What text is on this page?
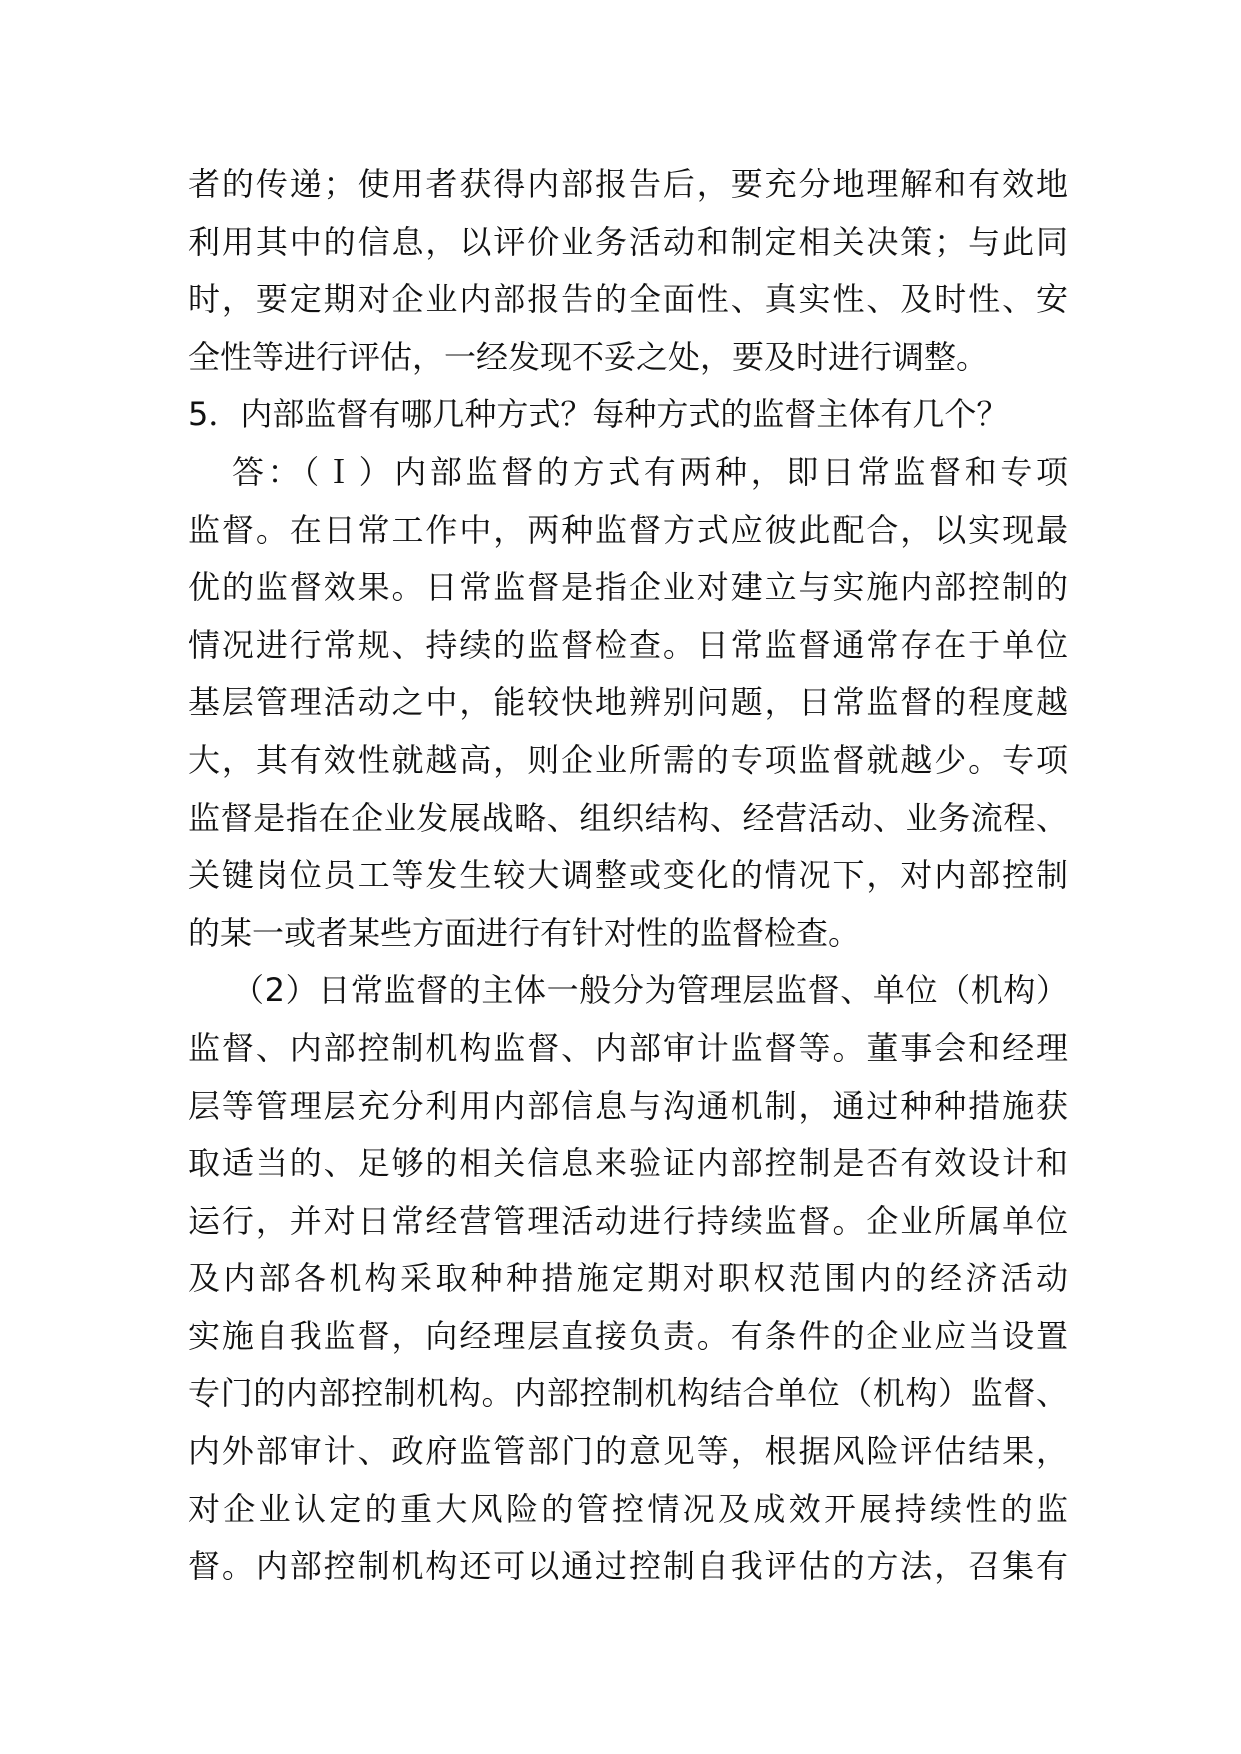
者的传递；使用者获得内部报告后，要充分地理解和有效地
利用其中的信息，以评价业务活动和制定相关决策；与此同
时，要定期对企业内部报告的全面性、真实性、及时性、安
全性等进行评估，一经发现不妥之处，要及时进行调整。
5．内部监督有哪几种方式？每种方式的监督主体有几个？
答：（Ｉ）内部监督的方式有两种，即日常监督和专项
监督。在日常工作中，两种监督方式应彼此配合，以实现最
优的监督效果。日常监督是指企业对建立与实施内部控制的
情况进行常规、持续的监督检查。日常监督通常存在于单位
基层管理活动之中，能较快地辨别问题，日常监督的程度越
大，其有效性就越高，则企业所需的专项监督就越少。专项
监督是指在企业发展战略、组织结构、经营活动、业务流程、
关键岗位员工等发生较大调整或变化的情况下，对内部控制
的某一或者某些方面进行有针对性的监督检查。
（2）日常监督的主体一般分为管理层监督、单位（机构）
监督、内部控制机构监督、内部审计监督等。董事会和经理
层等管理层充分利用内部信息与沟通机制，通过种种措施获
取适当的、足够的相关信息来验证内部控制是否有效设计和
运行，并对日常经营管理活动进行持续监督。企业所属单位
及内部各机构采取种种措施定期对职权范围内的经济活动
实施自我监督，向经理层直接负责。有条件的企业应当设置
专门的内部控制机构。内部控制机构结合单位（机构）监督、
内外部审计、政府监管部门的意见等，根据风险评估结果，
对企业认定的重大风险的管控情况及成效开展持续性的监
督。内部控制机构还可以通过控制自我评估的方法，召集有
